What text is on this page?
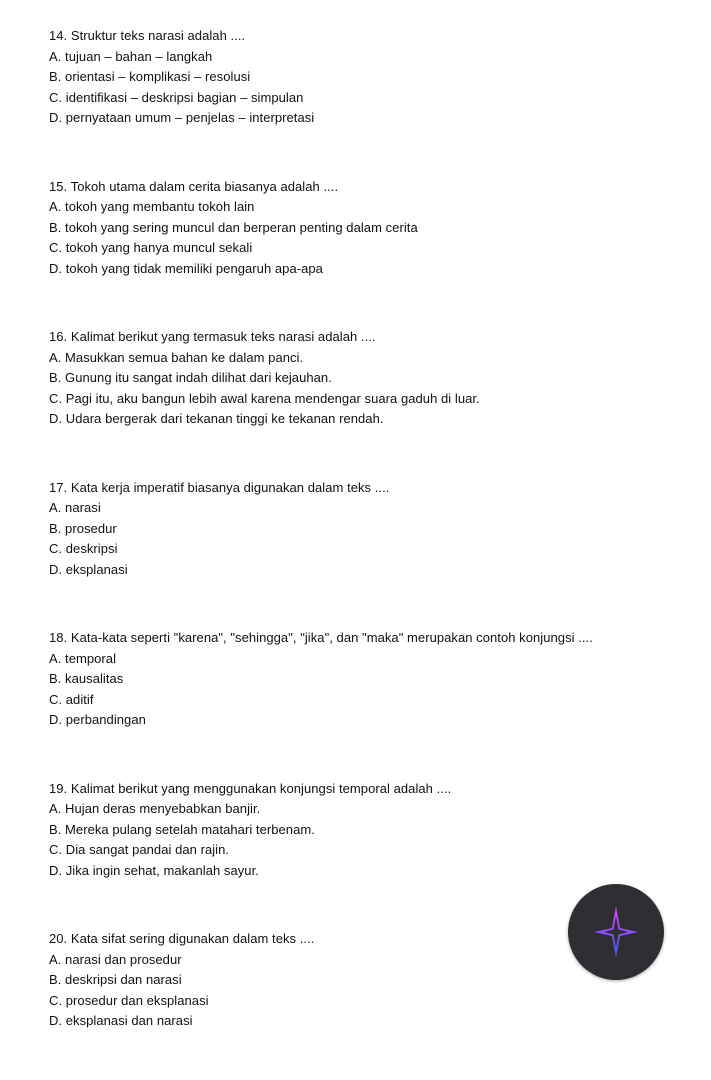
14. Struktur teks narasi adalah ....
A. tujuan – bahan – langkah
B. orientasi – komplikasi – resolusi
C. identifikasi – deskripsi bagian – simpulan
D. pernyataan umum – penjelas – interpretasi
15. Tokoh utama dalam cerita biasanya adalah ....
A. tokoh yang membantu tokoh lain
B. tokoh yang sering muncul dan berperan penting dalam cerita
C. tokoh yang hanya muncul sekali
D. tokoh yang tidak memiliki pengaruh apa-apa
16. Kalimat berikut yang termasuk teks narasi adalah ....
A. Masukkan semua bahan ke dalam panci.
B. Gunung itu sangat indah dilihat dari kejauhan.
C. Pagi itu, aku bangun lebih awal karena mendengar suara gaduh di luar.
D. Udara bergerak dari tekanan tinggi ke tekanan rendah.
17. Kata kerja imperatif biasanya digunakan dalam teks ....
A. narasi
B. prosedur
C. deskripsi
D. eksplanasi
18. Kata-kata seperti "karena", "sehingga", "jika", dan "maka" merupakan contoh konjungsi ....
A. temporal
B. kausalitas
C. aditif
D. perbandingan
19. Kalimat berikut yang menggunakan konjungsi temporal adalah ....
A. Hujan deras menyebabkan banjir.
B. Mereka pulang setelah matahari terbenam.
C. Dia sangat pandai dan rajin.
D. Jika ingin sehat, makanlah sayur.
20. Kata sifat sering digunakan dalam teks ....
A. narasi dan prosedur
B. deskripsi dan narasi
C. prosedur dan eksplanasi
D. eksplanasi dan narasi
